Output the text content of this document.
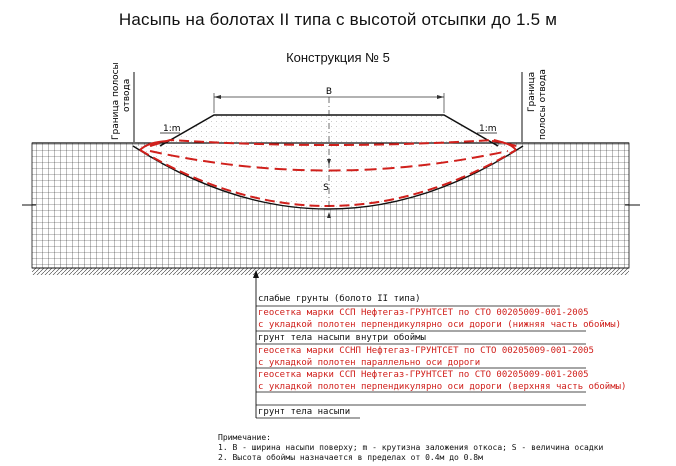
Насыпь на болотах II типа с высотой отсыпки до 1.5 м
Конструкция № 5
B
S
1:m	1:m
Граница полосы отвода	Граница полосы отвода
слабые грунты (болото II типа)
геосетка марки ССП Нефтегаз-ГРУНТСЕТ по СТО 00205009-001-2005
с укладкой полотен перпендикулярно оси дороги (нижняя часть обоймы)
грунт тела насыпи внутри обоймы
геосетка марки ССНП Нефтегаз-ГРУНТСЕТ по СТО 00205009-001-2005
с укладкой полотен параллельно оси дороги
геосетка марки ССП Нефтегаз-ГРУНТСЕТ по СТО 00205009-001-2005
с укладкой полотен перпендикулярно оси дороги (верхняя часть обоймы)
грунт тела насыпи
Примечание:
1. B - ширина насыпи поверху; m - крутизна заложения откоса; S - величина осадки
2. Высота обоймы назначается в пределах от 0.4м до 0.8м
